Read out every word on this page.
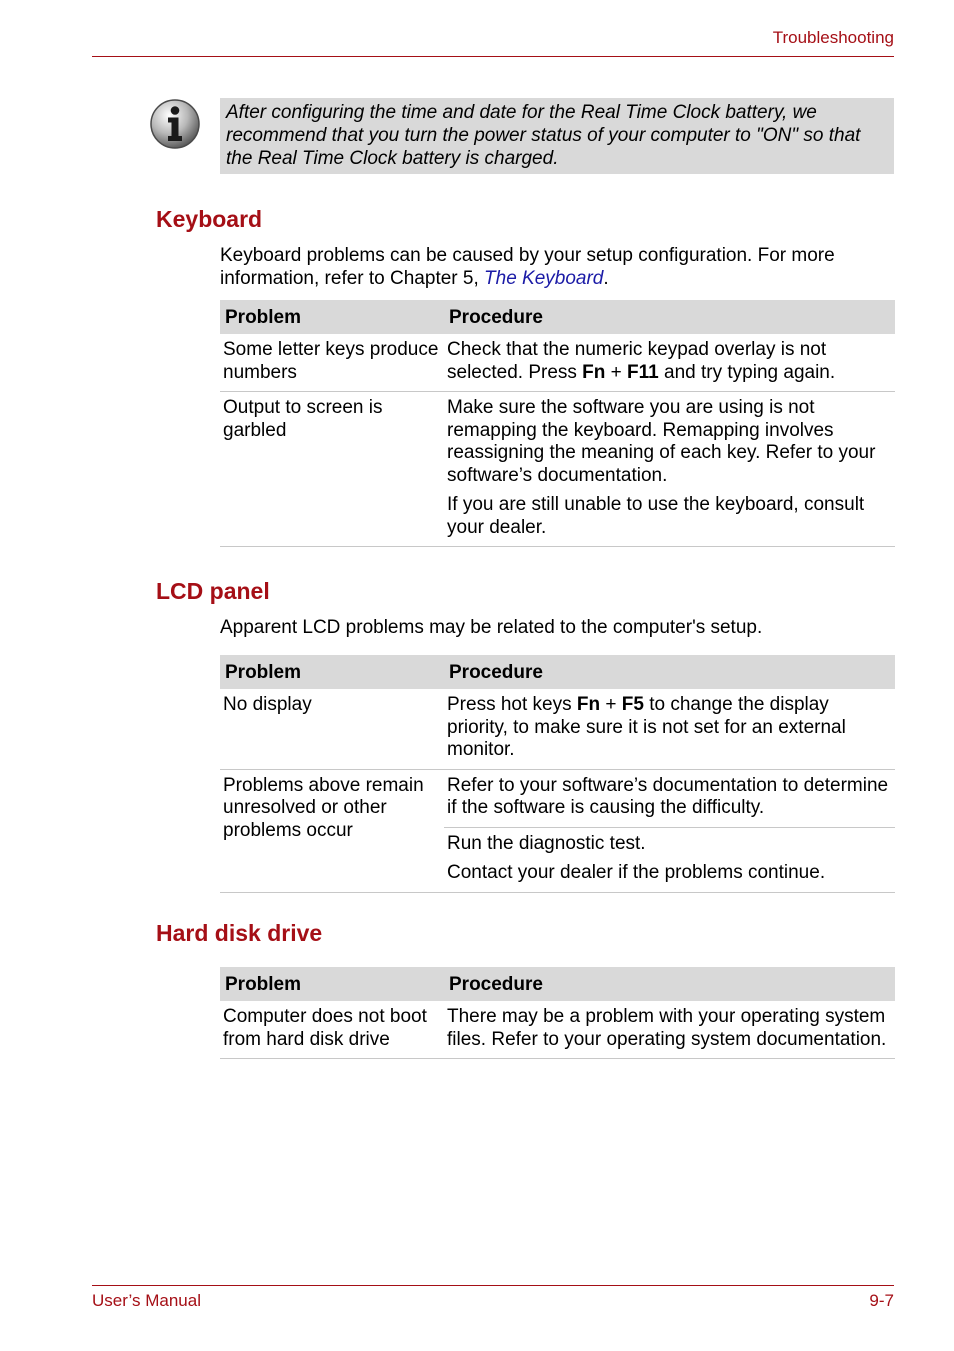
Troubleshooting
After configuring the time and date for the Real Time Clock battery, we recommend that you turn the power status of your computer to "ON" so that the Real Time Clock battery is charged.
Keyboard
Keyboard problems can be caused by your setup configuration. For more information, refer to Chapter 5, The Keyboard.
Problem	Procedure
Some letter keys produce numbers	Check that the numeric keypad overlay is not selected. Press Fn + F11 and try typing again.
Output to screen is garbled	Make sure the software you are using is not remapping the keyboard. Remapping involves reassigning the meaning of each key. Refer to your software’s documentation.
If you are still unable to use the keyboard, consult your dealer.
LCD panel
Apparent LCD problems may be related to the computer's setup.
Problem	Procedure
No display	Press hot keys Fn + F5 to change the display priority, to make sure it is not set for an external monitor.
Problems above remain unresolved or other problems occur	Refer to your software’s documentation to determine if the software is causing the difficulty.
Run the diagnostic test.
Contact your dealer if the problems continue.
Hard disk drive
Problem	Procedure
Computer does not boot from hard disk drive	There may be a problem with your operating system files. Refer to your operating system documentation.
User’s Manual	9-7
